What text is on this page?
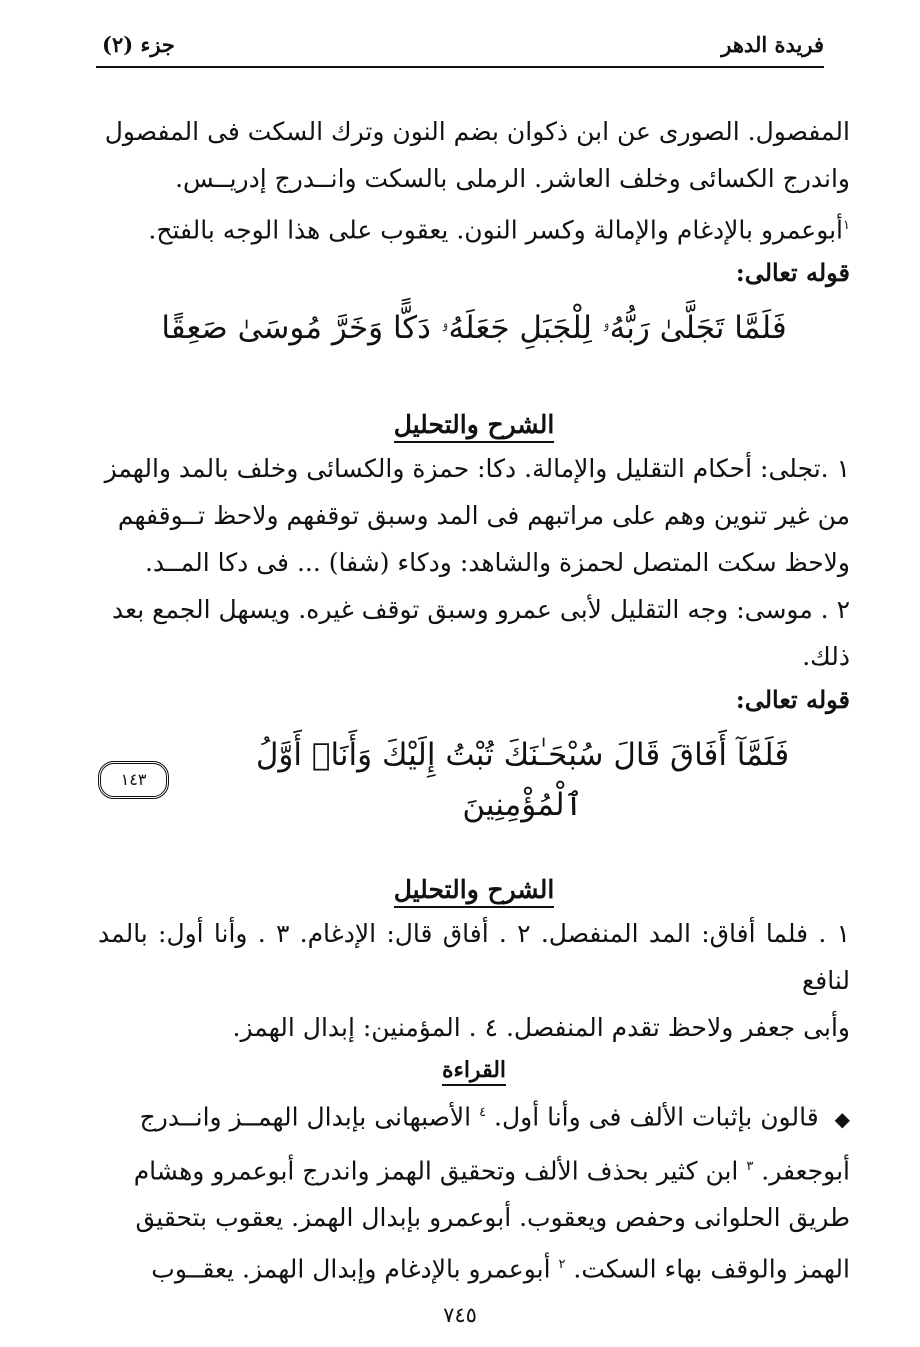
فريدة الدهر
جزء (٢)

المفصول. الصورى عن ابن ذكوان بضم النون وترك السكت فى المفصول

واندرج الكسائى وخلف العاشر. الرملى بالسكت وانــدرج إدريــس.

$^١$أبوعمرو بالإدغام والإمالة وكسر النون. يعقوب على هذا الوجه بالفتح.

قوله تعالى:

فَلَمَّا تَجَلَّىٰ رَبُّهُۥ لِلْجَبَلِ جَعَلَهُۥ دَكًّا وَخَرَّ مُوسَىٰ صَعِقًا

الشرح والتحليل

١ .تجلى: أحكام التقليل والإمالة. دكا: حمزة والكسائى وخلف بالمد والهمز

من غير تنوين وهم على مراتبهم فى المد وسبق توقفهم ولاحظ تــوقفهم

ولاحظ سكت المتصل لحمزة والشاهد: ودكاء (شفا) ... فى دكا المــد.

٢ . موسى: وجه التقليل لأبى عمرو وسبق توقف غيره. ويسهل الجمع بعد

ذلك.

قوله تعالى:

فَلَمَّآ أَفَاقَ قَالَ سُبْحَـٰنَكَ تُبْتُ إِلَيْكَ وَأَنَا۠ أَوَّلُ ٱلْمُؤْمِنِينَ
١٤٣

الشرح والتحليل

١ . فلما أفاق: المد المنفصل. ٢ . أفاق قال: الإدغام. ٣ . وأنا أول: بالمد لنافع

وأبى جعفر ولاحظ تقدم المنفصل. ٤ . المؤمنين: إبدال الهمز.

القراءة

◆ قالون بإثبات الألف فى وأنا أول. $^٤$ الأصبهانى بإبدال الهمــز وانــدرج

أبوجعفر. $^٣$ ابن كثير بحذف الألف وتحقيق الهمز واندرج أبوعمرو وهشام

طريق الحلوانى وحفص ويعقوب. أبوعمرو بإبدال الهمز. يعقوب بتحقيق

الهمز والوقف بهاء السكت. $^٢$ أبوعمرو بالإدغام وإبدال الهمز. يعقــوب

٧٤٥
